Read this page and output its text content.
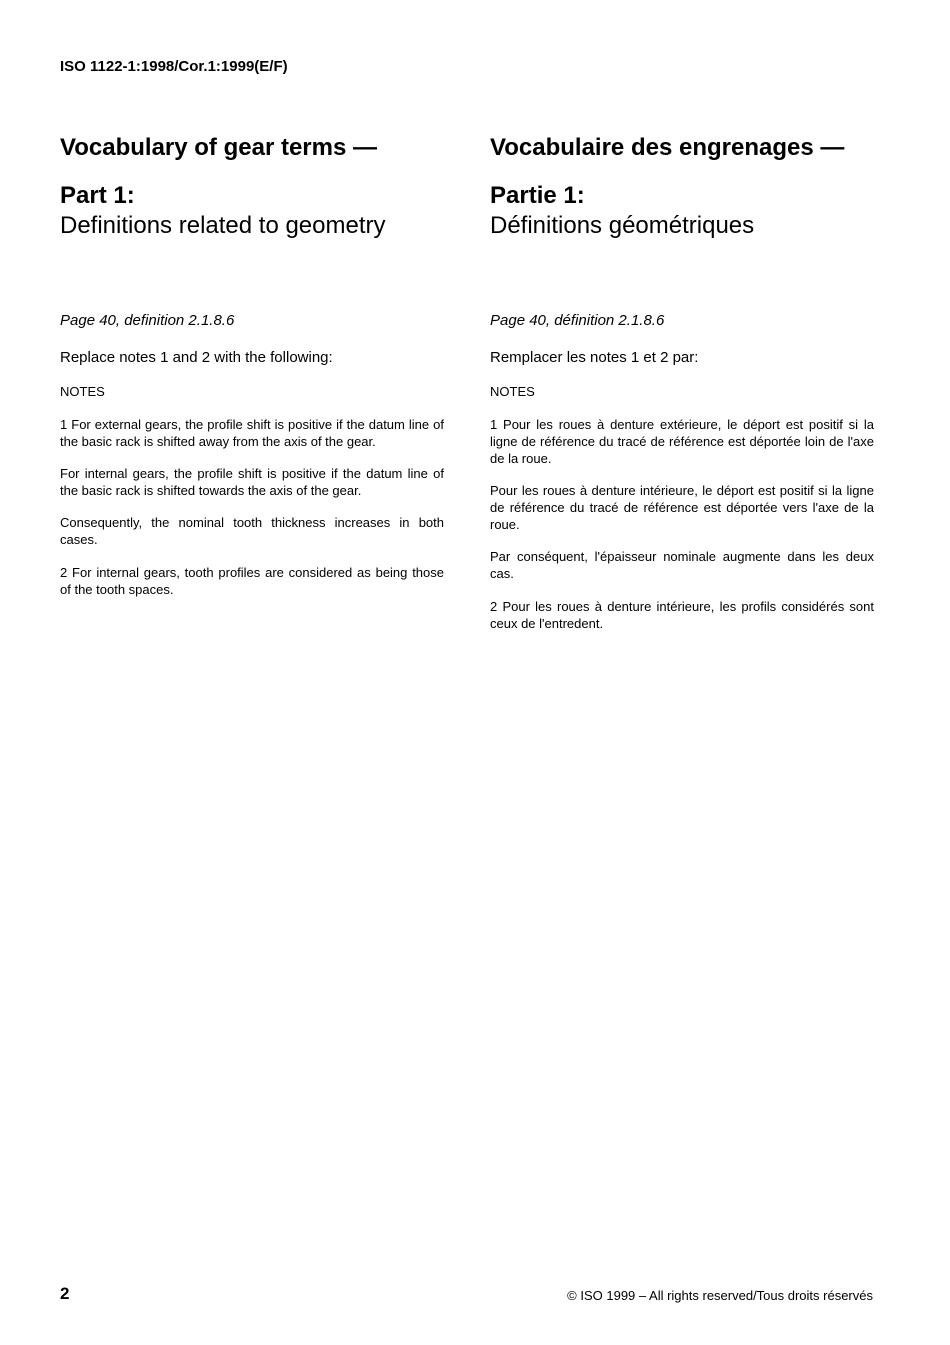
ISO 1122-1:1998/Cor.1:1999(E/F)
Vocabulary of gear terms —
Part 1:
Definitions related to geometry
Page 40, definition 2.1.8.6
Replace notes 1 and 2 with the following:
NOTES
1 For external gears, the profile shift is positive if the datum line of the basic rack is shifted away from the axis of the gear.
For internal gears, the profile shift is positive if the datum line of the basic rack is shifted towards the axis of the gear.
Consequently, the nominal tooth thickness increases in both cases.
2 For internal gears, tooth profiles are considered as being those of the tooth spaces.
Vocabulaire des engrenages —
Partie 1:
Définitions géométriques
Page 40, définition 2.1.8.6
Remplacer les notes 1 et 2 par:
NOTES
1 Pour les roues à denture extérieure, le déport est positif si la ligne de référence du tracé de référence est déportée loin de l'axe de la roue.
Pour les roues à denture intérieure, le déport est positif si la ligne de référence du tracé de référence est déportée vers l'axe de la roue.
Par conséquent, l'épaisseur nominale augmente dans les deux cas.
2 Pour les roues à denture intérieure, les profils considérés sont ceux de l'entredent.
2	© ISO 1999 – All rights reserved/Tous droits réservés
